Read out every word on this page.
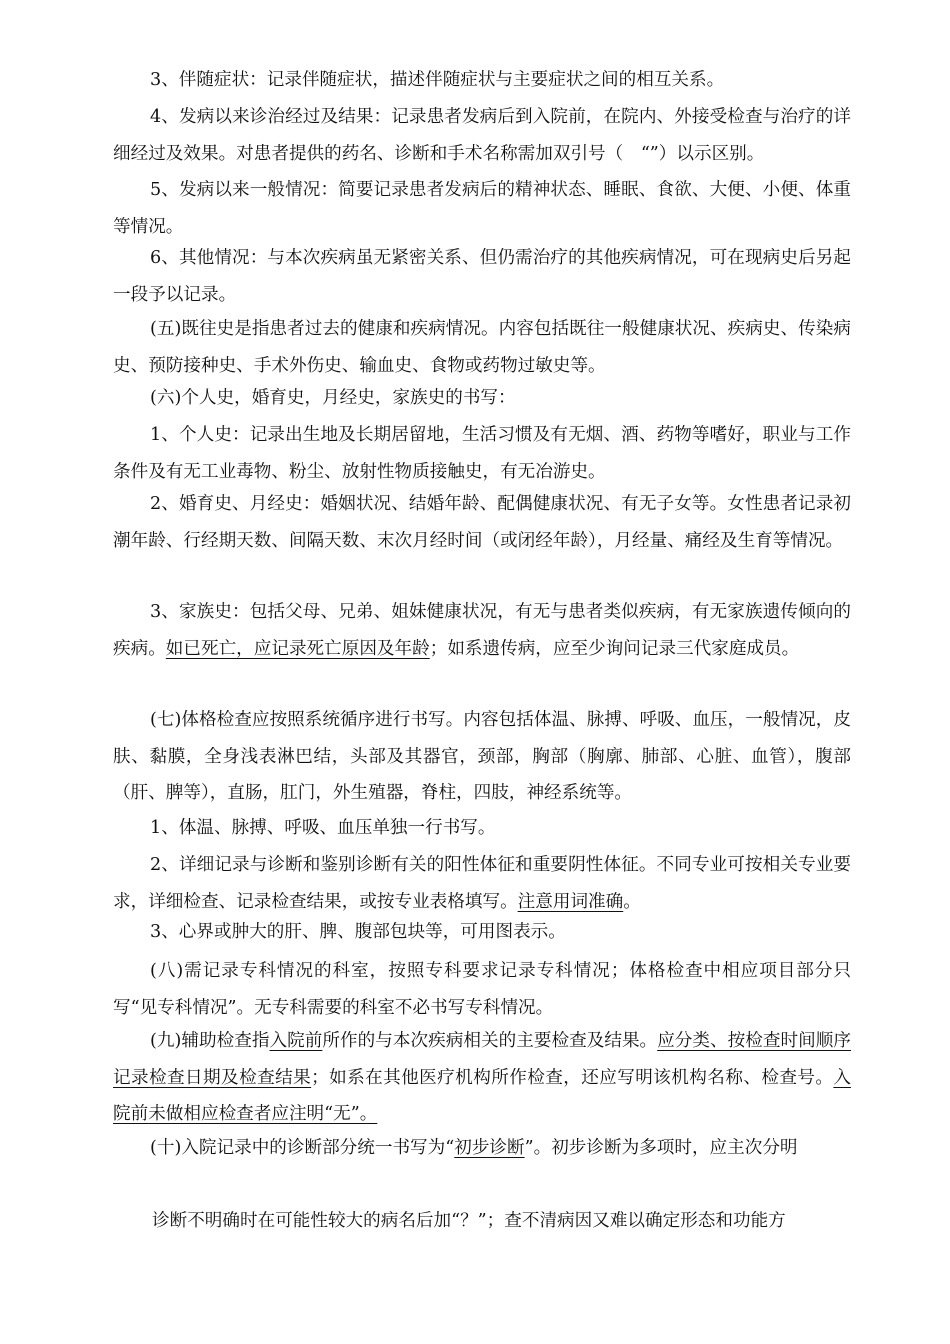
3、伴随症状：记录伴随症状，描述伴随症状与主要症状之间的相互关系。

4、发病以来诊治经过及结果：记录患者发病后到入院前，在院内、外接受检查与治疗的详细经过及效果。对患者提供的药名、诊断和手术名称需加双引号（　“”）以示区别。

5、发病以来一般情况：简要记录患者发病后的精神状态、睡眠、食欲、大便、小便、体重等情况。

6、其他情况：与本次疾病虽无紧密关系、但仍需治疗的其他疾病情况，可在现病史后另起一段予以记录。

(五)既往史是指患者过去的健康和疾病情况。内容包括既往一般健康状况、疾病史、传染病史、预防接种史、手术外伤史、输血史、食物或药物过敏史等。

(六)个人史，婚育史，月经史，家族史的书写：

1、个人史：记录出生地及长期居留地，生活习惯及有无烟、酒、药物等嗜好，职业与工作条件及有无工业毒物、粉尘、放射性物质接触史，有无冶游史。

2、婚育史、月经史：婚姻状况、结婚年龄、配偶健康状况、有无子女等。女性患者记录初潮年龄、行经期天数、间隔天数、末次月经时间（或闭经年龄），月经量、痛经及生育等情况。

3、家族史：包括父母、兄弟、姐妹健康状况，有无与患者类似疾病，有无家族遗传倾向的疾病。如已死亡，应记录死亡原因及年龄；如系遗传病，应至少询问记录三代家庭成员。

(七)体格检查应按照系统循序进行书写。内容包括体温、脉搏、呼吸、血压，一般情况，皮肤、黏膜，全身浅表淋巴结，头部及其器官，颈部，胸部（胸廓、肺部、心脏、血管），腹部（肝、脾等），直肠，肛门，外生殖器，脊柱，四肢，神经系统等。

1、体温、脉搏、呼吸、血压单独一行书写。

2、详细记录与诊断和鉴别诊断有关的阳性体征和重要阴性体征。不同专业可按相关专业要求，详细检查、记录检查结果，或按专业表格填写。注意用词准确。

3、心界或肿大的肝、脾、腹部包块等，可用图表示。

(八)需记录专科情况的科室，按照专科要求记录专科情况；体格检查中相应项目部分只写“见专科情况”。无专科需要的科室不必书写专科情况。

(九)辅助检查指入院前所作的与本次疾病相关的主要检查及结果。应分类、按检查时间顺序记录检查日期及检查结果；如系在其他医疗机构所作检查，还应写明该机构名称、检查号。入院前未做相应检查者应注明“无”。

(十)入院记录中的诊断部分统一书写为“初步诊断”。初步诊断为多项时，应主次分明

诊断不明确时在可能性较大的病名后加“？”；查不清病因又难以确定形态和功能方
